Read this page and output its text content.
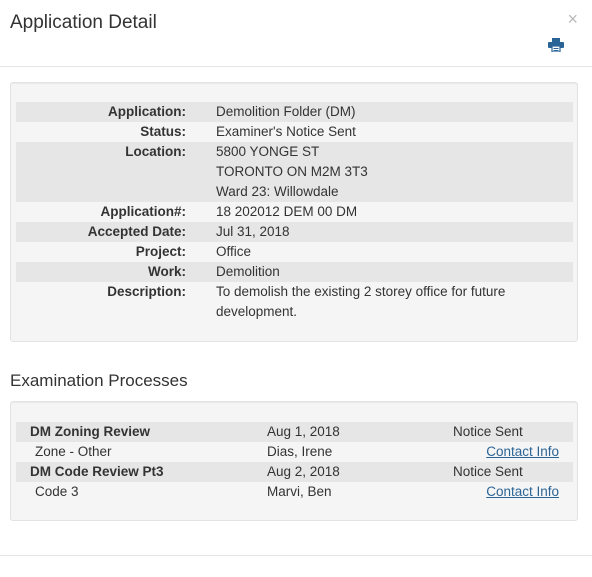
Application Detail	×
Application:	Demolition Folder (DM)
Status:	Examiner's Notice Sent
Location:	5800 YONGE ST
TORONTO ON M2M 3T3
Ward 23: Willowdale

Application#:	18 202012 DEM 00 DM
Accepted Date:	Jul 31, 2018
Project:	Office
Work:	Demolition
Description:	To demolish the existing 2 storey office for future
development.
Examination Processes
DM Zoning Review	Aug 1, 2018	Notice Sent
Zone - Other	Dias, Irene	Contact Info
DM Code Review Pt3	Aug 2, 2018	Notice Sent
Code 3	Marvi, Ben	Contact Info
